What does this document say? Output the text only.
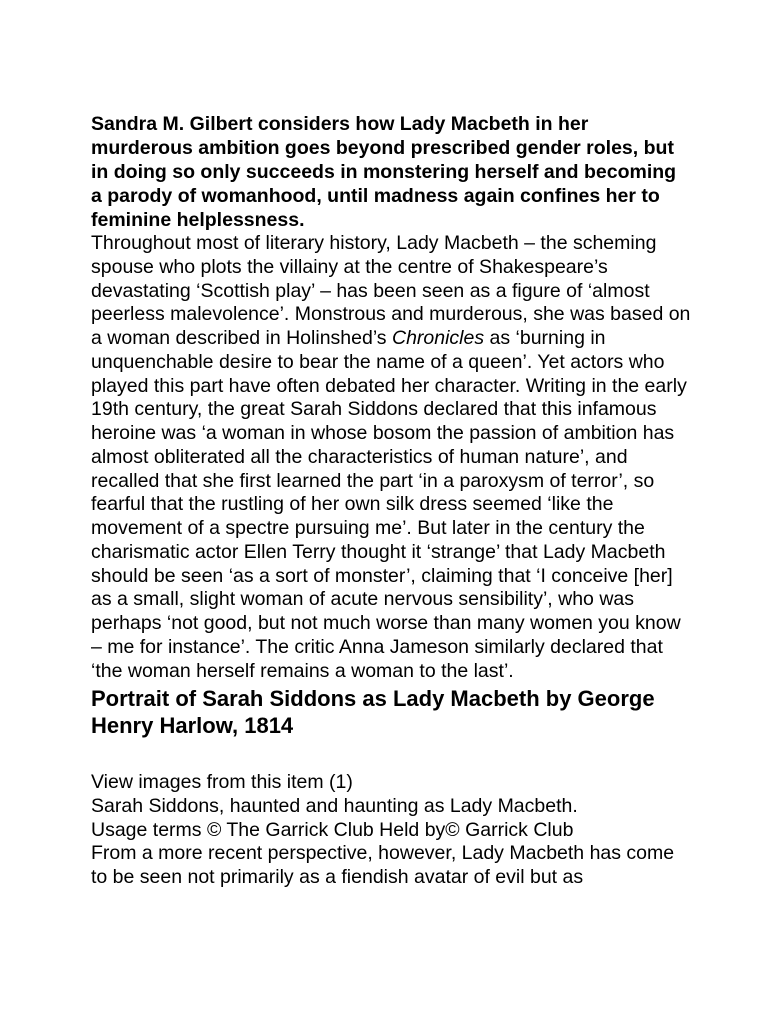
Sandra M. Gilbert considers how Lady Macbeth in her murderous ambition goes beyond prescribed gender roles, but in doing so only succeeds in monstering herself and becoming a parody of womanhood, until madness again confines her to feminine helplessness.

Throughout most of literary history, Lady Macbeth – the scheming spouse who plots the villainy at the centre of Shakespeare’s devastating ‘Scottish play’ – has been seen as a figure of ‘almost peerless malevolence’. Monstrous and murderous, she was based on a woman described in Holinshed’s Chronicles as ‘burning in unquenchable desire to bear the name of a queen’. Yet actors who played this part have often debated her character. Writing in the early 19th century, the great Sarah Siddons declared that this infamous heroine was ‘a woman in whose bosom the passion of ambition has almost obliterated all the characteristics of human nature’, and recalled that she first learned the part ‘in a paroxysm of terror’, so fearful that the rustling of her own silk dress seemed ‘like the movement of a spectre pursuing me’. But later in the century the charismatic actor Ellen Terry thought it ‘strange’ that Lady Macbeth should be seen ‘as a sort of monster’, claiming that ‘I conceive [her] as a small, slight woman of acute nervous sensibility’, who was perhaps ‘not good, but not much worse than many women you know – me for instance’. The critic Anna Jameson similarly declared that ‘the woman herself remains a woman to the last’.

Portrait of Sarah Siddons as Lady Macbeth by George Henry Harlow, 1814

View images from this item (1)

Sarah Siddons, haunted and haunting as Lady Macbeth.

Usage terms © The Garrick Club Held by© Garrick Club

From a more recent perspective, however, Lady Macbeth has come to be seen not primarily as a fiendish avatar of evil but as
